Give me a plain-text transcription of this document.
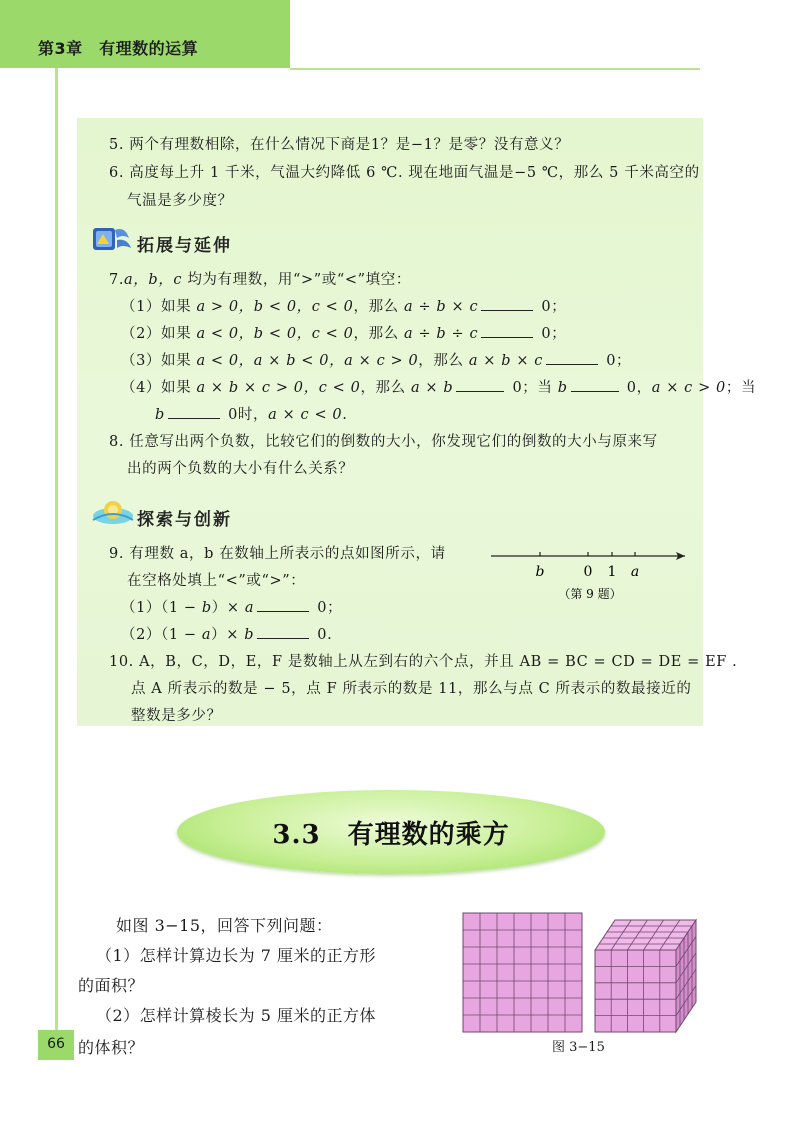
第3章　有理数的运算
5. 两个有理数相除，在什么情况下商是1？是−1？是零？没有意义？
6. 高度每上升 1 千米，气温大约降低 6 ℃. 现在地面气温是−5 ℃，那么 5 千米高空的
气温是多少度？
拓展与延伸
7.a，b，c 均为有理数，用“>”或“<”填空：
（1）如果 a > 0，b < 0，c < 0，那么 a ÷ b × c	0；
（2）如果 a < 0，b < 0，c < 0，那么 a ÷ b ÷ c	0；
（3）如果 a < 0，a × b < 0，a × c > 0，那么 a × b × c	0；
（4）如果 a × b × c > 0，c < 0，那么 a × b	0；当 b	0，a × c > 0；当
b	0时，a × c < 0.
8. 任意写出两个负数，比较它们的倒数的大小，你发现它们的倒数的大小与原来写
出的两个负数的大小有什么关系？
探索与创新
9. 有理数 a，b 在数轴上所表示的点如图所示，请
在空格处填上“<”或“>”：
（1）（1 − b）× a	0；
（2）（1 − a）× b	0.
b	0 1 a
（第 9 题）
10. A，B，C，D，E，F 是数轴上从左到右的六个点，并且 AB = BC = CD = DE = EF .
点 A 所表示的数是 − 5，点 F 所表示的数是 11，那么与点 C 所表示的数最接近的
整数是多少？
3.3　有理数的乘方
如图 3−15，回答下列问题：
（1）怎样计算边长为 7 厘米的正方形
的面积？
（2）怎样计算棱长为 5 厘米的正方体
的体积？	图 3−15
66
